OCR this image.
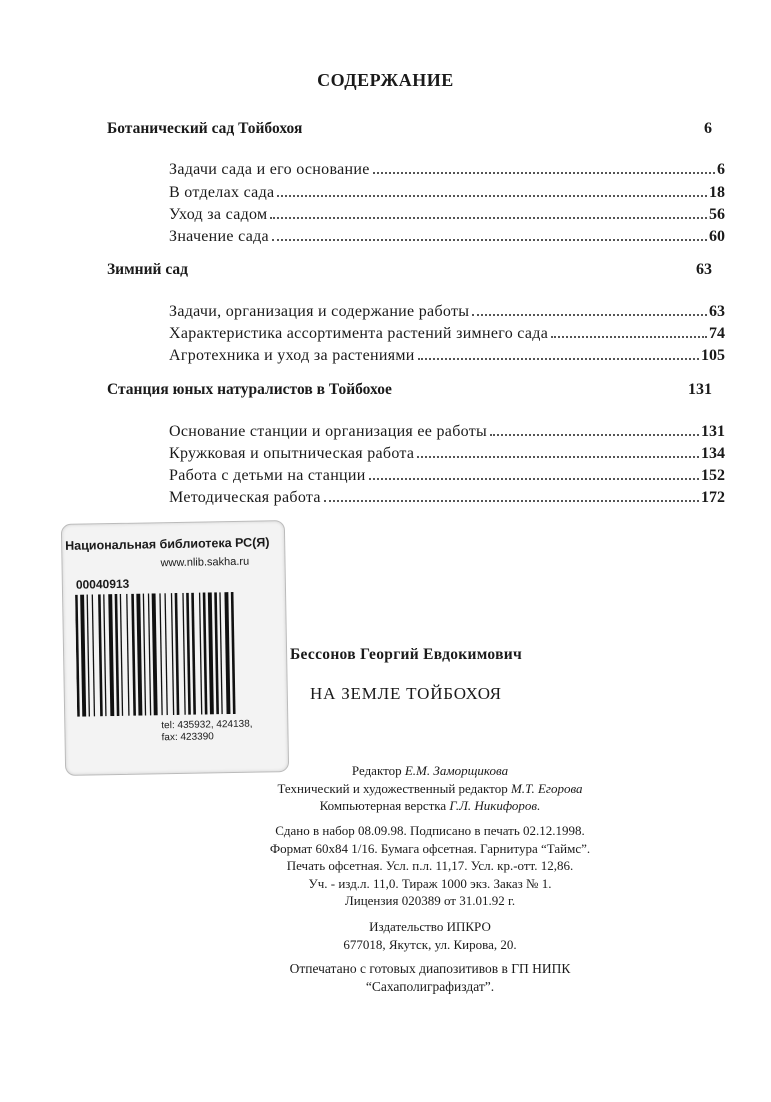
СОДЕРЖАНИЕ
Ботанический сад Тойбохоя	6
Задачи сада и его основание	6
В отделах сада	18
Уход за садом	56
Значение сада	60
Зимний сад	63
Задачи, организация и содержание работы	63
Характеристика ассортимента растений зимнего сада	74
Агротехника и уход за растениями	105
Станция юных натуралистов в Тойбохое	131
Основание станции и организация ее работы	131
Кружковая и опытническая работа	134
Работа с детьми на станции	152
Методическая работа	172
Национальная библиотека РС(Я)
www.nlib.sakha.ru
00040913
tel: 435932, 424138,
fax: 423390
Бессонов Георгий Евдокимович
НА ЗЕМЛЕ ТОЙБОХОЯ
Редактор Е.М. Заморщикова
Технический и художественный редактор М.Т. Егорова
Компьютерная верстка Г.Л. Никифоров.
Сдано в набор 08.09.98. Подписано в печать 02.12.1998.
Формат 60х84 1/16. Бумага офсетная. Гарнитура “Таймс”.
Печать офсетная. Усл. п.л. 11,17. Усл. кр.-отт. 12,86.
Уч. - изд.л. 11,0. Тираж 1000 экз. Заказ № 1.
Лицензия 020389 от 31.01.92 г.
Издательство ИПКРО
677018, Якутск, ул. Кирова, 20.
Отпечатано с готовых диапозитивов в ГП НИПК
“Сахаполиграфиздат”.
